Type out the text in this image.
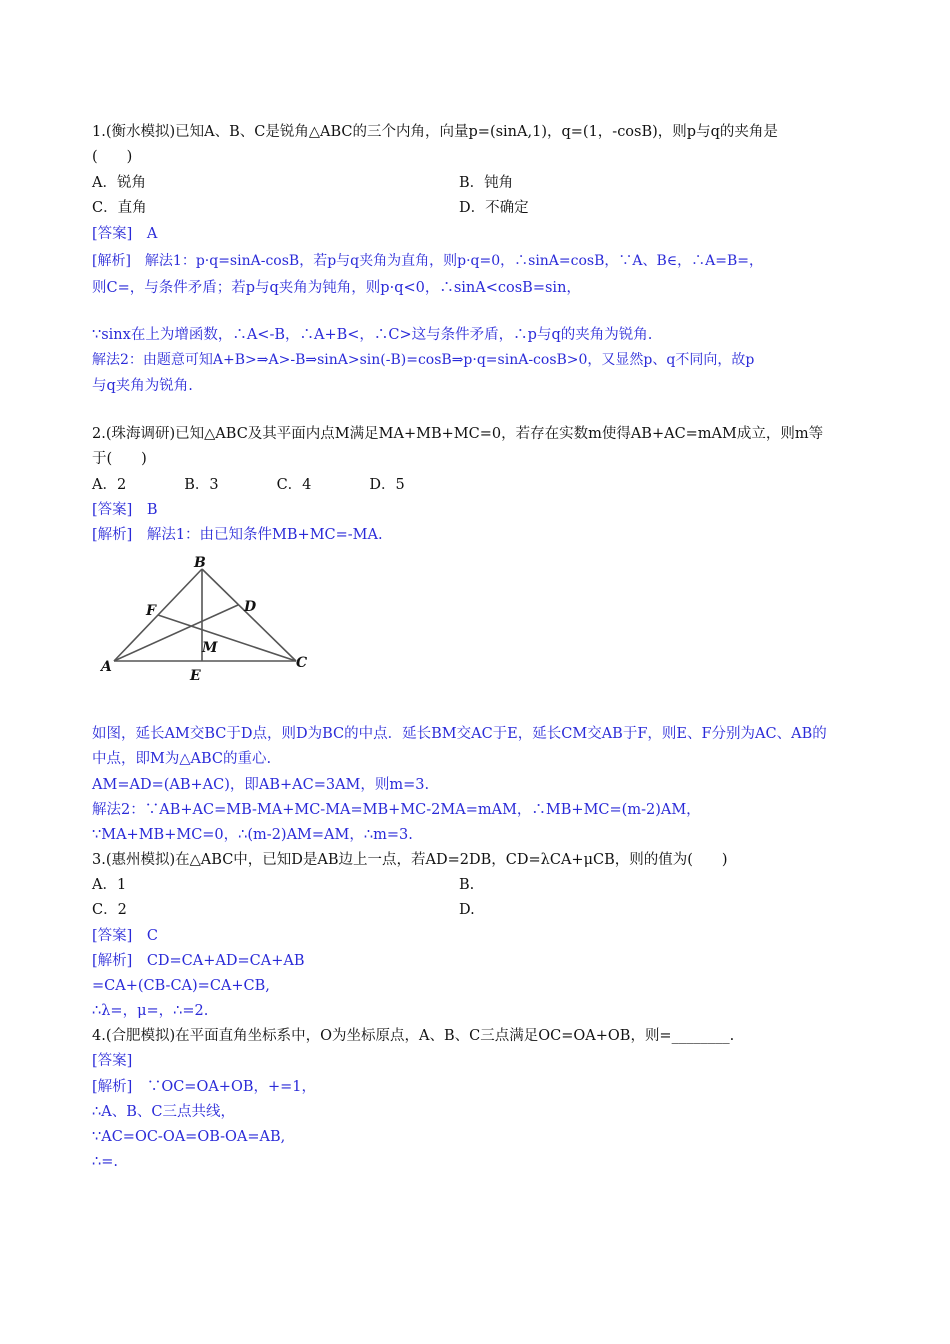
1.(衡水模拟)已知A、B、C是锐角△ABC的三个内角，向量p=(sinA,1)，q=(1，-cosB)，则p与q的夹角是
(　　)
A．锐角	B．钝角
C．直角	D．不确定
[答案]　A
[解析]　解法1：p·q=sinA-cosB，若p与q夹角为直角，则p·q=0，∴sinA=cosB，∵A、B∈，∴A=B=，
则C=，与条件矛盾；若p与q夹角为钝角，则p·q<0，∴sinA<cosB=sin，
∵sinx在上为增函数，∴A<-B，∴A+B<，∴C>这与条件矛盾，∴p与q的夹角为锐角.
解法2：由题意可知A+B>⇒A>-B⇒sinA>sin(-B)=cosB⇒p·q=sinA-cosB>0，又显然p、q不同向，故p
与q夹角为锐角.
2.(珠海调研)已知△ABC及其平面内点M满足MA+MB+MC=0，若存在实数m使得AB+AC=mAM成立，则m等
于(　　)
A．2　　　　B．3　　　　C．4　　　　D．5
[答案]　B
[解析]　解法1：由已知条件MB+MC=-MA.
B
F	D
M
A
E
C
如图，延长AM交BC于D点，则D为BC的中点．延长BM交AC于E，延长CM交AB于F，则E、F分别为AC、AB的
中点，即M为△ABC的重心.
AM=AD=(AB+AC)，即AB+AC=3AM，则m=3.
解法2：∵AB+AC=MB-MA+MC-MA=MB+MC-2MA=mAM，∴MB+MC=(m-2)AM，
∵MA+MB+MC=0，∴(m-2)AM=AM，∴m=3.
3.(惠州模拟)在△ABC中，已知D是AB边上一点，若AD=2DB，CD=λCA+μCB，则的值为(　　)
A．1	B.
C．2	D.
[答案]　C
[解析]　CD=CA+AD=CA+AB
=CA+(CB-CA)=CA+CB,
∴λ=，μ=，∴=2.
4.(合肥模拟)在平面直角坐标系中，O为坐标原点，A、B、C三点满足OC=OA+OB，则=________.
[答案]
[解析]　∵OC=OA+OB，+=1，
∴A、B、C三点共线，
∵AC=OC-OA=OB-OA=AB,
∴=.
